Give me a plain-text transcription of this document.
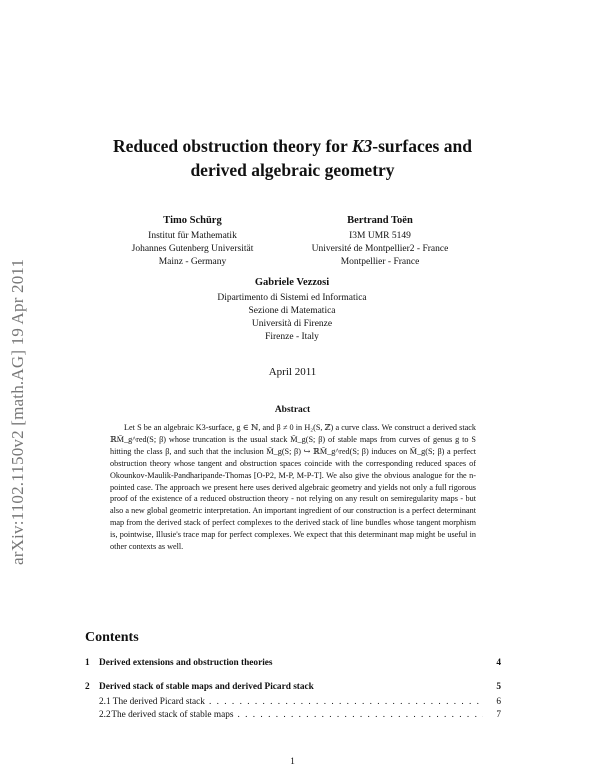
arXiv:1102.1150v2 [math.AG] 19 Apr 2011
Reduced obstruction theory for K3-surfaces and
derived algebraic geometry
Timo Schürg
Institut für Mathematik
Johannes Gutenberg Universität
Mainz - Germany
Bertrand Toën
I3M UMR 5149
Université de Montpellier2 - France
Montpellier - France
Gabriele Vezzosi
Dipartimento di Sistemi ed Informatica
Sezione di Matematica
Università di Firenze
Firenze - Italy
April 2011
Abstract

Let S be an algebraic K3-surface, g ∈ ℕ, and β ≠ 0 in H₂(S, ℤ) a curve class. We construct a derived stack ℝM̄_g^red(S; β) whose truncation is the usual stack M̄_g(S; β) of stable maps from curves of genus g to S hitting the class β, and such that the inclusion M̄_g(S; β) ↪ ℝM̄_g^red(S; β) induces on M̄_g(S; β) a perfect obstruction theory whose tangent and obstruction spaces coincide with the corresponding reduced spaces of Okounkov-Maulik-Pandharipande-Thomas [O-P2, M-P, M-P-T]. We also give the obvious analogue for the n-pointed case. The approach we present here uses derived algebraic geometry and yields not only a full rigorous proof of the existence of a reduced obstruction theory - not relying on any result on semiregularity maps - but also a new global geometric interpretation. An important ingredient of our construction is a perfect determinant map from the derived stack of perfect complexes to the derived stack of line bundles whose tangent morphism is, pointwise, Illusie's trace map for perfect complexes. We expect that this determinant map might be useful in other contexts as well.

Contents
1	Derived extensions and obstruction theories	4
2	Derived stack of stable maps and derived Picard stack	5
2.1 The derived Picard stack . . .	6
2.2 The derived stack of stable maps . . .	7
1
